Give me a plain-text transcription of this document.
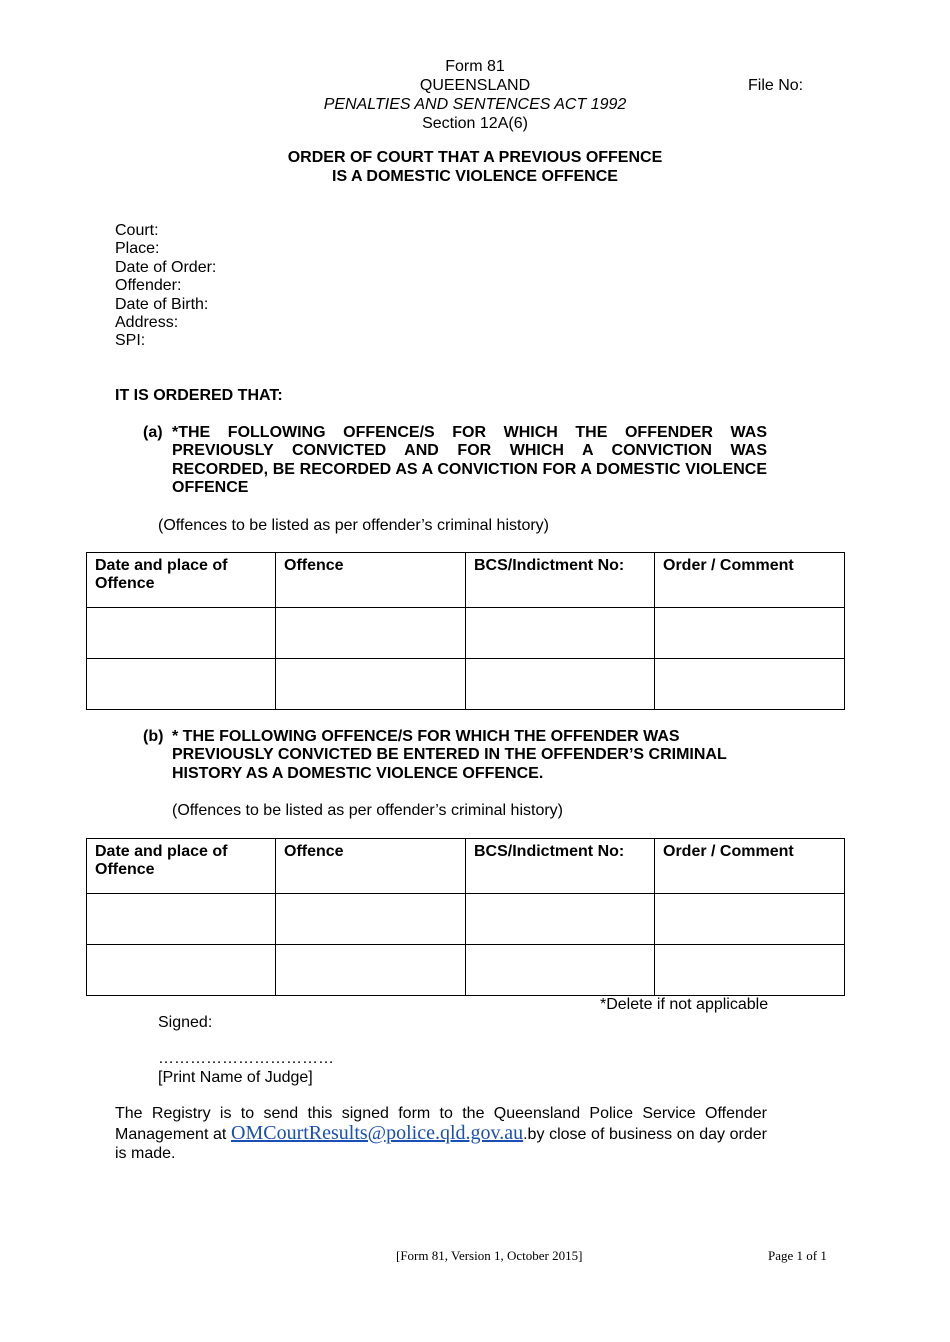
Form 81
QUEENSLAND
PENALTIES AND SENTENCES ACT 1992
Section 12A(6)
File No:
ORDER OF COURT THAT A PREVIOUS OFFENCE
IS A DOMESTIC VIOLENCE OFFENCE
Court:
Place:
Date of Order:
Offender:
Date of Birth:
Address:
SPI:
IT IS ORDERED THAT:
(a) *THE FOLLOWING OFFENCE/S FOR WHICH THE OFFENDER WAS PREVIOUSLY CONVICTED AND FOR WHICH A CONVICTION WAS RECORDED, BE RECORDED AS A CONVICTION FOR A DOMESTIC VIOLENCE OFFENCE
(Offences to be listed as per offender’s criminal history)
Date and place of Offence	Offence	BCS/Indictment No:	Order / Comment

(b) * THE FOLLOWING OFFENCE/S FOR WHICH THE OFFENDER WAS
PREVIOUSLY CONVICTED BE ENTERED IN THE OFFENDER’S CRIMINAL
HISTORY AS A DOMESTIC VIOLENCE OFFENCE.
(Offences to be listed as per offender’s criminal history)
Date and place of Offence	Offence	BCS/Indictment No:	Order / Comment

*Delete if not applicable
Signed:
……………………………
[Print Name of Judge]
The Registry is to send this signed form to the Queensland Police Service Offender Management at OMCourtResults@police.qld.gov.au.by close of business on day order is made.
[Form 81, Version 1, October 2015]	Page 1 of 1
